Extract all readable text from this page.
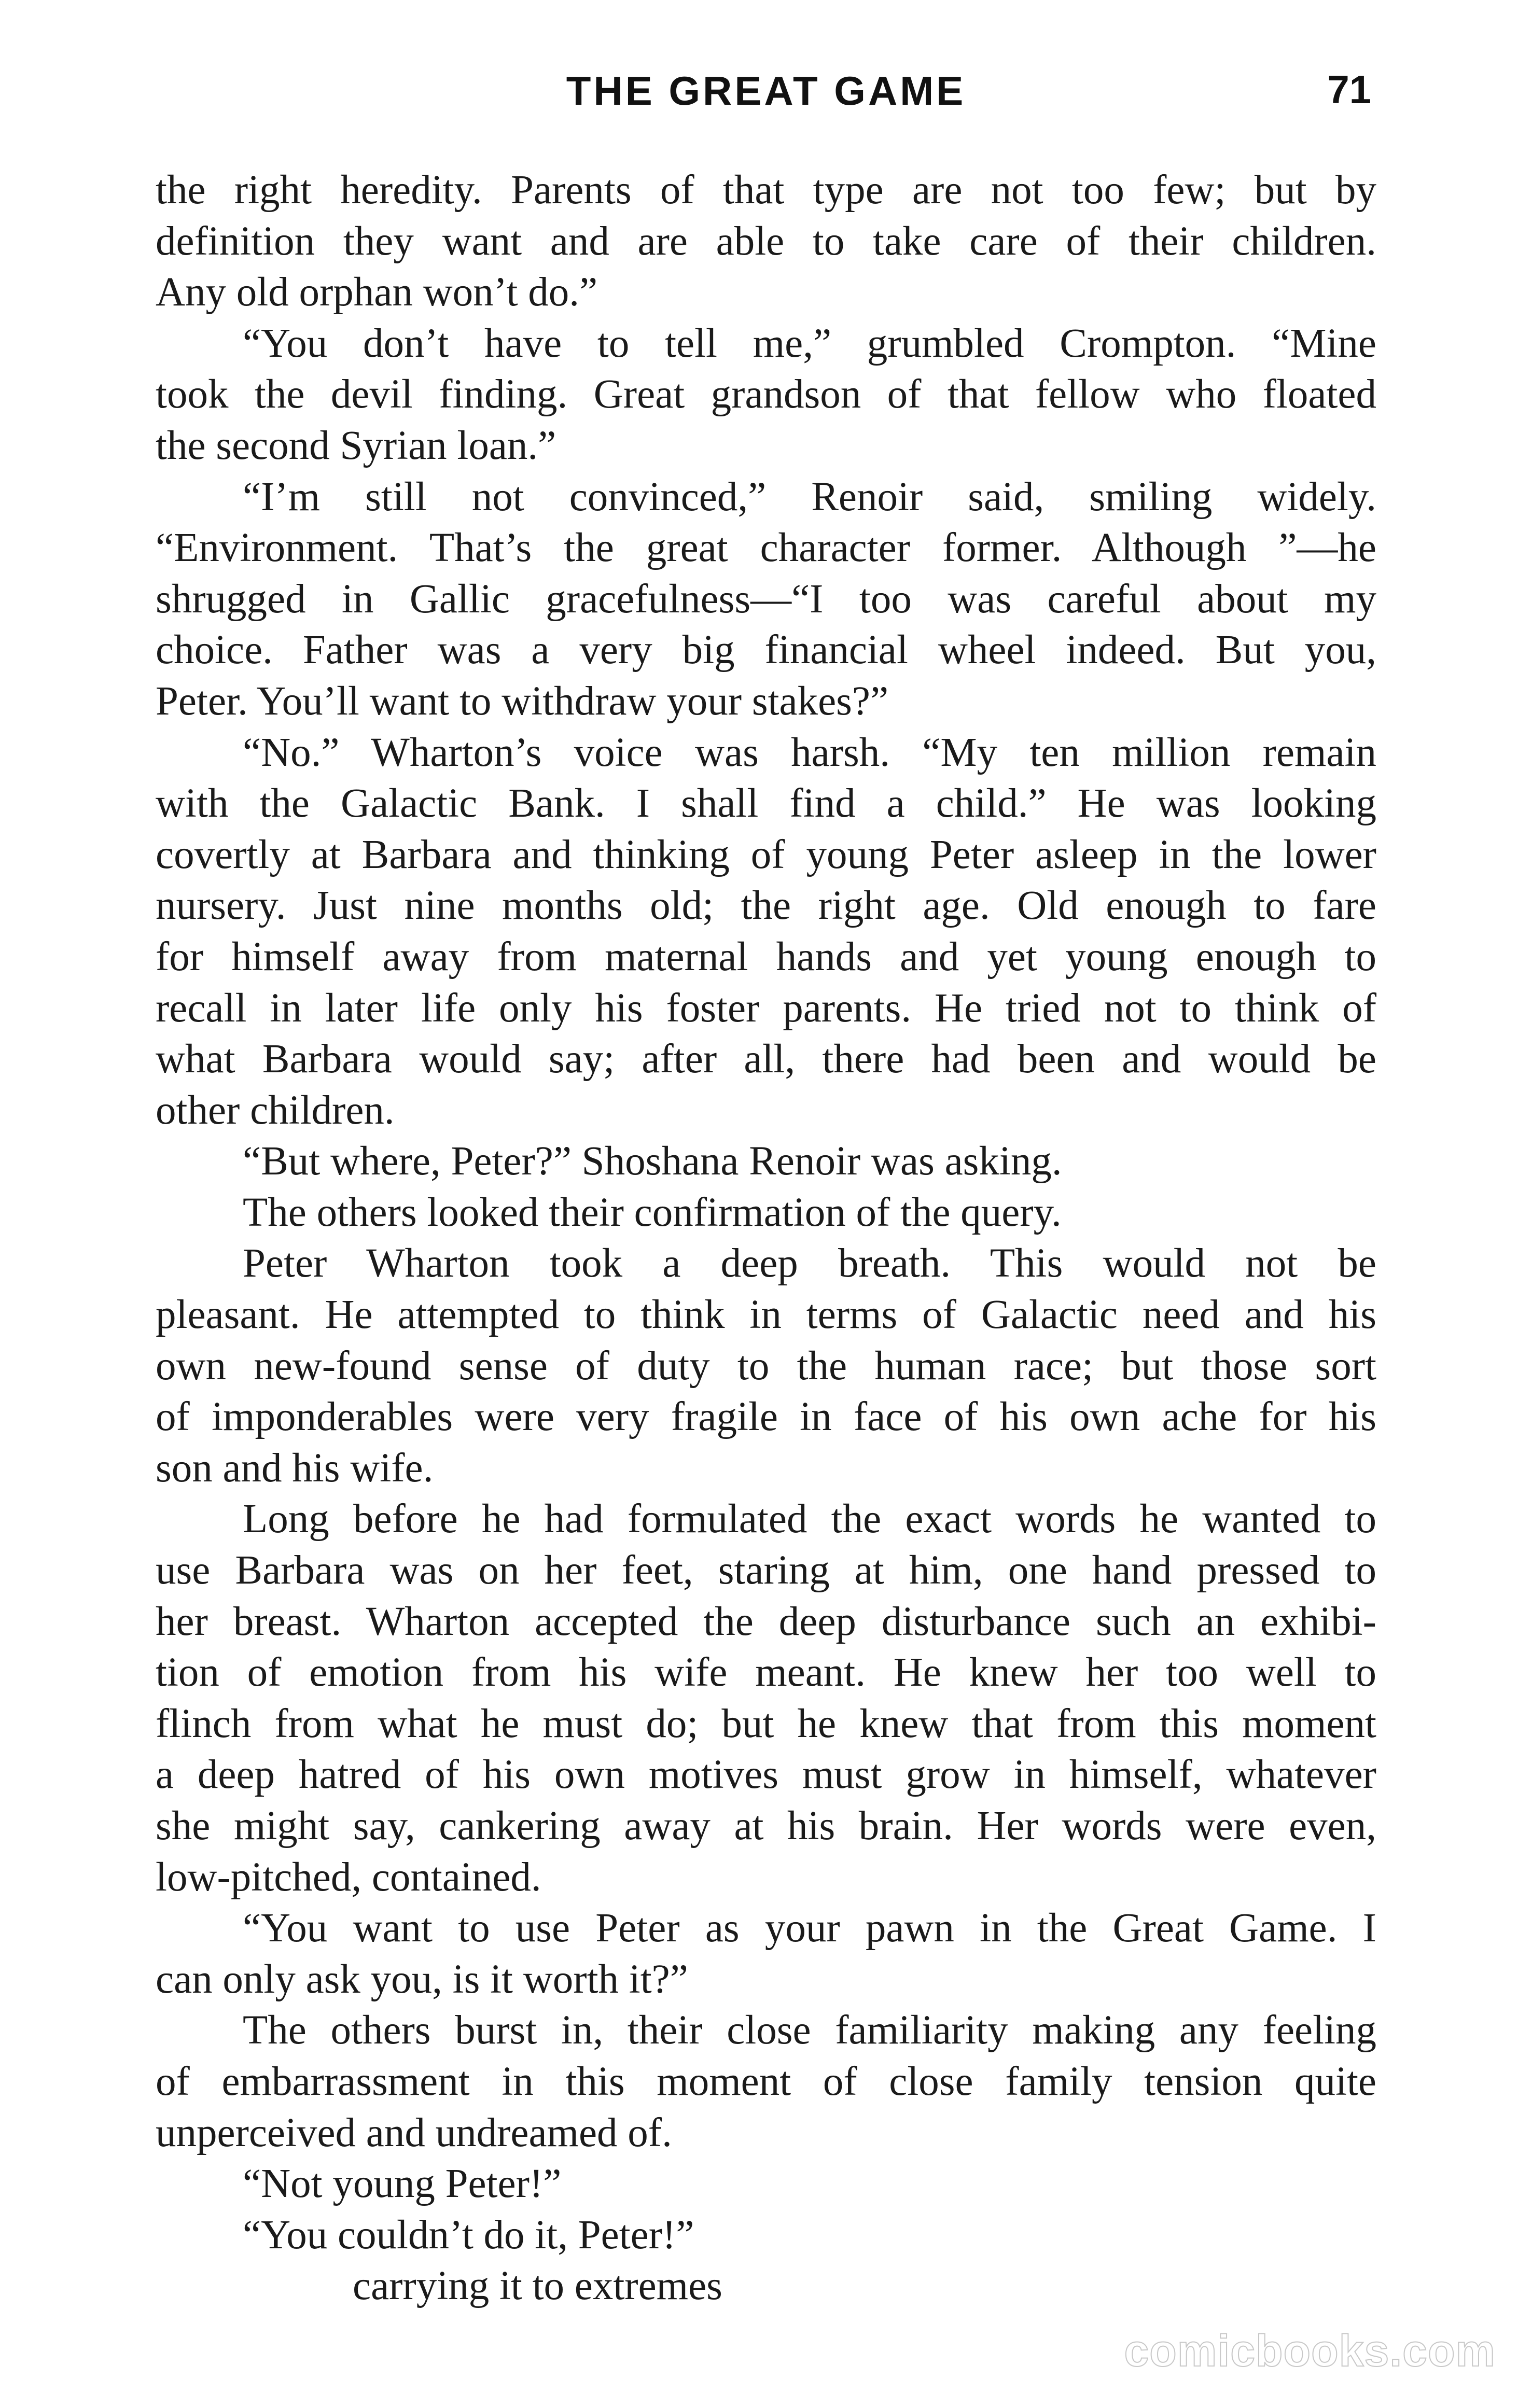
THE GREAT GAME	71
the right heredity. Parents of that type are not too few; but by
definition they want and are able to take care of their children.
Any old orphan won’t do.”
“You don’t have to tell me,” grumbled Crompton. “Mine
took the devil finding. Great grandson of that fellow who floated
the second Syrian loan.”
“I’m still not convinced,” Renoir said, smiling widely.
“Environment. That’s the great character former. Although ”—he
shrugged in Gallic gracefulness—“I too was careful about my
choice. Father was a very big financial wheel indeed. But you,
Peter. You’ll want to withdraw your stakes?”
“No.” Wharton’s voice was harsh. “My ten million remain
with the Galactic Bank. I shall find a child.” He was looking
covertly at Barbara and thinking of young Peter asleep in the lower
nursery. Just nine months old; the right age. Old enough to fare
for himself away from maternal hands and yet young enough to
recall in later life only his foster parents. He tried not to think of
what Barbara would say; after all, there had been and would be
other children.
“But where, Peter?” Shoshana Renoir was asking.
The others looked their confirmation of the query.
Peter Wharton took a deep breath. This would not be
pleasant. He attempted to think in terms of Galactic need and his
own new-found sense of duty to the human race; but those sort
of imponderables were very fragile in face of his own ache for his
son and his wife.
Long before he had formulated the exact words he wanted to
use Barbara was on her feet, staring at him, one hand pressed to
her breast. Wharton accepted the deep disturbance such an exhibi-
tion of emotion from his wife meant. He knew her too well to
flinch from what he must do; but he knew that from this moment
a deep hatred of his own motives must grow in himself, whatever
she might say, cankering away at his brain. Her words were even,
low-pitched, contained.
“You want to use Peter as your pawn in the Great Game. I
can only ask you, is it worth it?”
The others burst in, their close familiarity making any feeling
of embarrassment in this moment of close family tension quite
unperceived and undreamed of.
“Not young Peter!”
“You couldn’t do it, Peter!”
carrying it to extremes
comicbooks.com
